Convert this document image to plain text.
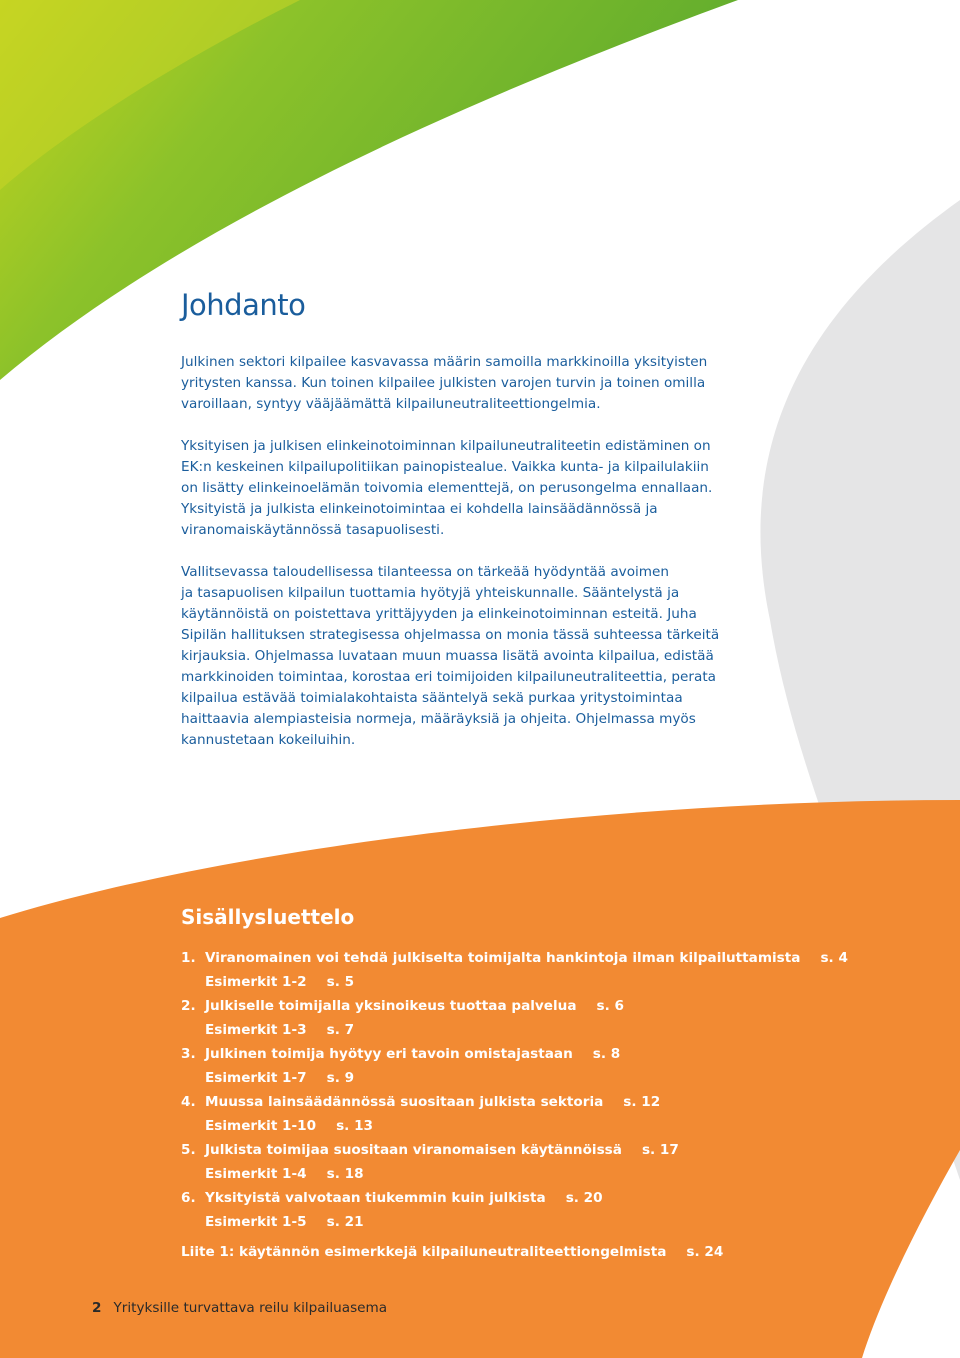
Johdanto

Julkinen sektori kilpailee kasvavassa määrin samoilla markkinoilla yksityisten
yritysten kanssa. Kun toinen kilpailee julkisten varojen turvin ja toinen omilla
varoillaan, syntyy vääjäämättä kilpailuneutraliteettiongelmia.

Yksityisen ja julkisen elinkeinotoiminnan kilpailuneutraliteetin edistäminen on
EK:n keskeinen kilpailupolitiikan painopistealue. Vaikka kunta- ja kilpailulakiin
on lisätty elinkeinoelämän toivomia elementtejä, on perusongelma ennallaan.
Yksityistä ja julkista elinkeinotoimintaa ei kohdella lainsäädännössä ja
viranomaiskäytännössä tasapuolisesti.

Vallitsevassa taloudellisessa tilanteessa on tärkeää hyödyntää avoimen
ja tasapuolisen kilpailun tuottamia hyötyjä yhteiskunnalle. Sääntelystä ja
käytännöistä on poistettava yrittäjyyden ja elinkeinotoiminnan esteitä. Juha
Sipilän hallituksen strategisessa ohjelmassa on monia tässä suhteessa tärkeitä
kirjauksia. Ohjelmassa luvataan muun muassa lisätä avointa kilpailua, edistää
markkinoiden toimintaa, korostaa eri toimijoiden kilpailuneutraliteettia, perata
kilpailua estävää toimialakohtaista sääntelyä sekä purkaa yritystoimintaa
haittaavia alempiasteisia normeja, määräyksiä ja ohjeita. Ohjelmassa myös
kannustetaan kokeiluihin.

Sisällysluettelo
1. Viranomainen voi tehdä julkiselta toimijalta hankintoja ilman kilpailuttamista s. 4
Esimerkit 1-2 s. 5
2. Julkiselle toimijalla yksinoikeus tuottaa palvelua s. 6
Esimerkit 1-3 s. 7
3. Julkinen toimija hyötyy eri tavoin omistajastaan s. 8
Esimerkit 1-7 s. 9
4. Muussa lainsäädännössä suositaan julkista sektoria s. 12
Esimerkit 1-10 s. 13
5. Julkista toimijaa suositaan viranomaisen käytännöissä s. 17
Esimerkit 1-4 s. 18
6. Yksityistä valvotaan tiukemmin kuin julkista s. 20
Esimerkit 1-5 s. 21
Liite 1: käytännön esimerkkejä kilpailuneutraliteettiongelmista s. 24
2 Yrityksille turvattava reilu kilpailuasema
